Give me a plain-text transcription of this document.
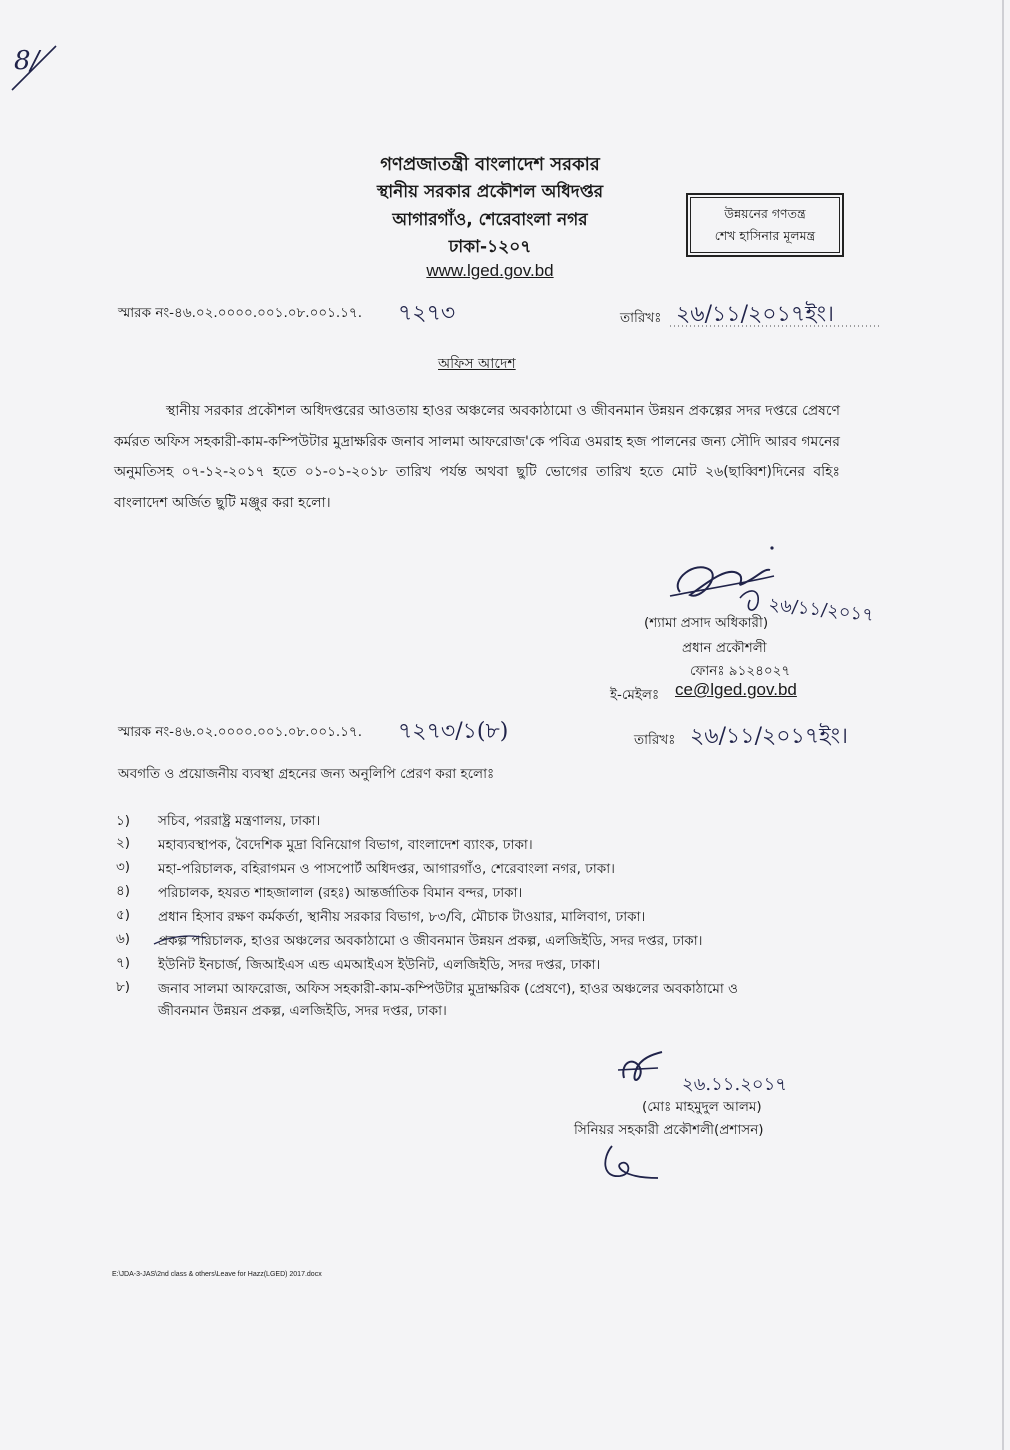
8/
গণপ্রজাতন্ত্রী বাংলাদেশ সরকার
স্থানীয় সরকার প্রকৌশল অধিদপ্তর
আগারগাঁও, শেরেবাংলা নগর
ঢাকা-১২০৭
www.lged.gov.bd
উন্নয়নের গণতন্ত্র
শেখ হাসিনার মূলমন্ত্র
স্মারক নং-৪৬.০২.০০০০.০০১.০৮.০০১.১৭. ৭২৭৩	তারিখঃ ২৬/১১/২০১৭ইং।
অফিস আদেশ

স্থানীয় সরকার প্রকৌশল অধিদপ্তরের আওতায় হাওর অঞ্চলের অবকাঠামো ও জীবনমান উন্নয়ন প্রকল্পের সদর দপ্তরে প্রেষণে কর্মরত অফিস সহকারী-কাম-কম্পিউটার মুদ্রাক্ষরিক জনাব সালমা আফরোজ'কে পবিত্র ওমরাহ হজ পালনের জন্য সৌদি আরব গমনের অনুমতিসহ ০৭-১২-২০১৭ হতে ০১-০১-২০১৮ তারিখ পর্যন্ত অথবা ছুটি ভোগের তারিখ হতে মোট ২৬(ছাব্বিশ)দিনের বহিঃ বাংলাদেশ অর্জিত ছুটি মঞ্জুর করা হলো।

২৬/১১/২০১৭
(শ্যামা প্রসাদ অধিকারী)
প্রধান প্রকৌশলী
ফোনঃ ৯১২৪০২৭
ই-মেইলঃ ce@lged.gov.bd
স্মারক নং-৪৬.০২.০০০০.০০১.০৮.০০১.১৭. ৭২৭৩/১(৮)	তারিখঃ ২৬/১১/২০১৭ইং।
অবগতি ও প্রয়োজনীয় ব্যবস্থা গ্রহনের জন্য অনুলিপি প্রেরণ করা হলোঃ
১) সচিব, পররাষ্ট্র মন্ত্রণালয়, ঢাকা।
২) মহাব্যবস্থাপক, বৈদেশিক মুদ্রা বিনিয়োগ বিভাগ, বাংলাদেশ ব্যাংক, ঢাকা।
৩) মহা-পরিচালক, বহিরাগমন ও পাসপোর্ট অধিদপ্তর, আগারগাঁও, শেরেবাংলা নগর, ঢাকা।
৪) পরিচালক, হযরত শাহজালাল (রহঃ) আন্তর্জাতিক বিমান বন্দর, ঢাকা।
৫) প্রধান হিসাব রক্ষণ কর্মকর্তা, স্থানীয় সরকার বিভাগ, ৮৩/বি, মৌচাক টাওয়ার, মালিবাগ, ঢাকা।
৬) প্রকল্প পরিচালক, হাওর অঞ্চলের অবকাঠামো ও জীবনমান উন্নয়ন প্রকল্প, এলজিইডি, সদর দপ্তর, ঢাকা।
৭) ইউনিট ইনচার্জ, জিআইএস এন্ড এমআইএস ইউনিট, এলজিইডি, সদর দপ্তর, ঢাকা।
৮) জনাব সালমা আফরোজ, অফিস সহকারী-কাম-কম্পিউটার মুদ্রাক্ষরিক (প্রেষণে), হাওর অঞ্চলের অবকাঠামো ও
জীবনমান উন্নয়ন প্রকল্প, এলজিইডি, সদর দপ্তর, ঢাকা।
২৬.১১.২০১৭
(মোঃ মাহমুদুল আলম)
সিনিয়র সহকারী প্রকৌশলী(প্রশাসন)
E:\JDA-3-JAS\2nd class & others\Leave for Hazz(LGED) 2017.docx
